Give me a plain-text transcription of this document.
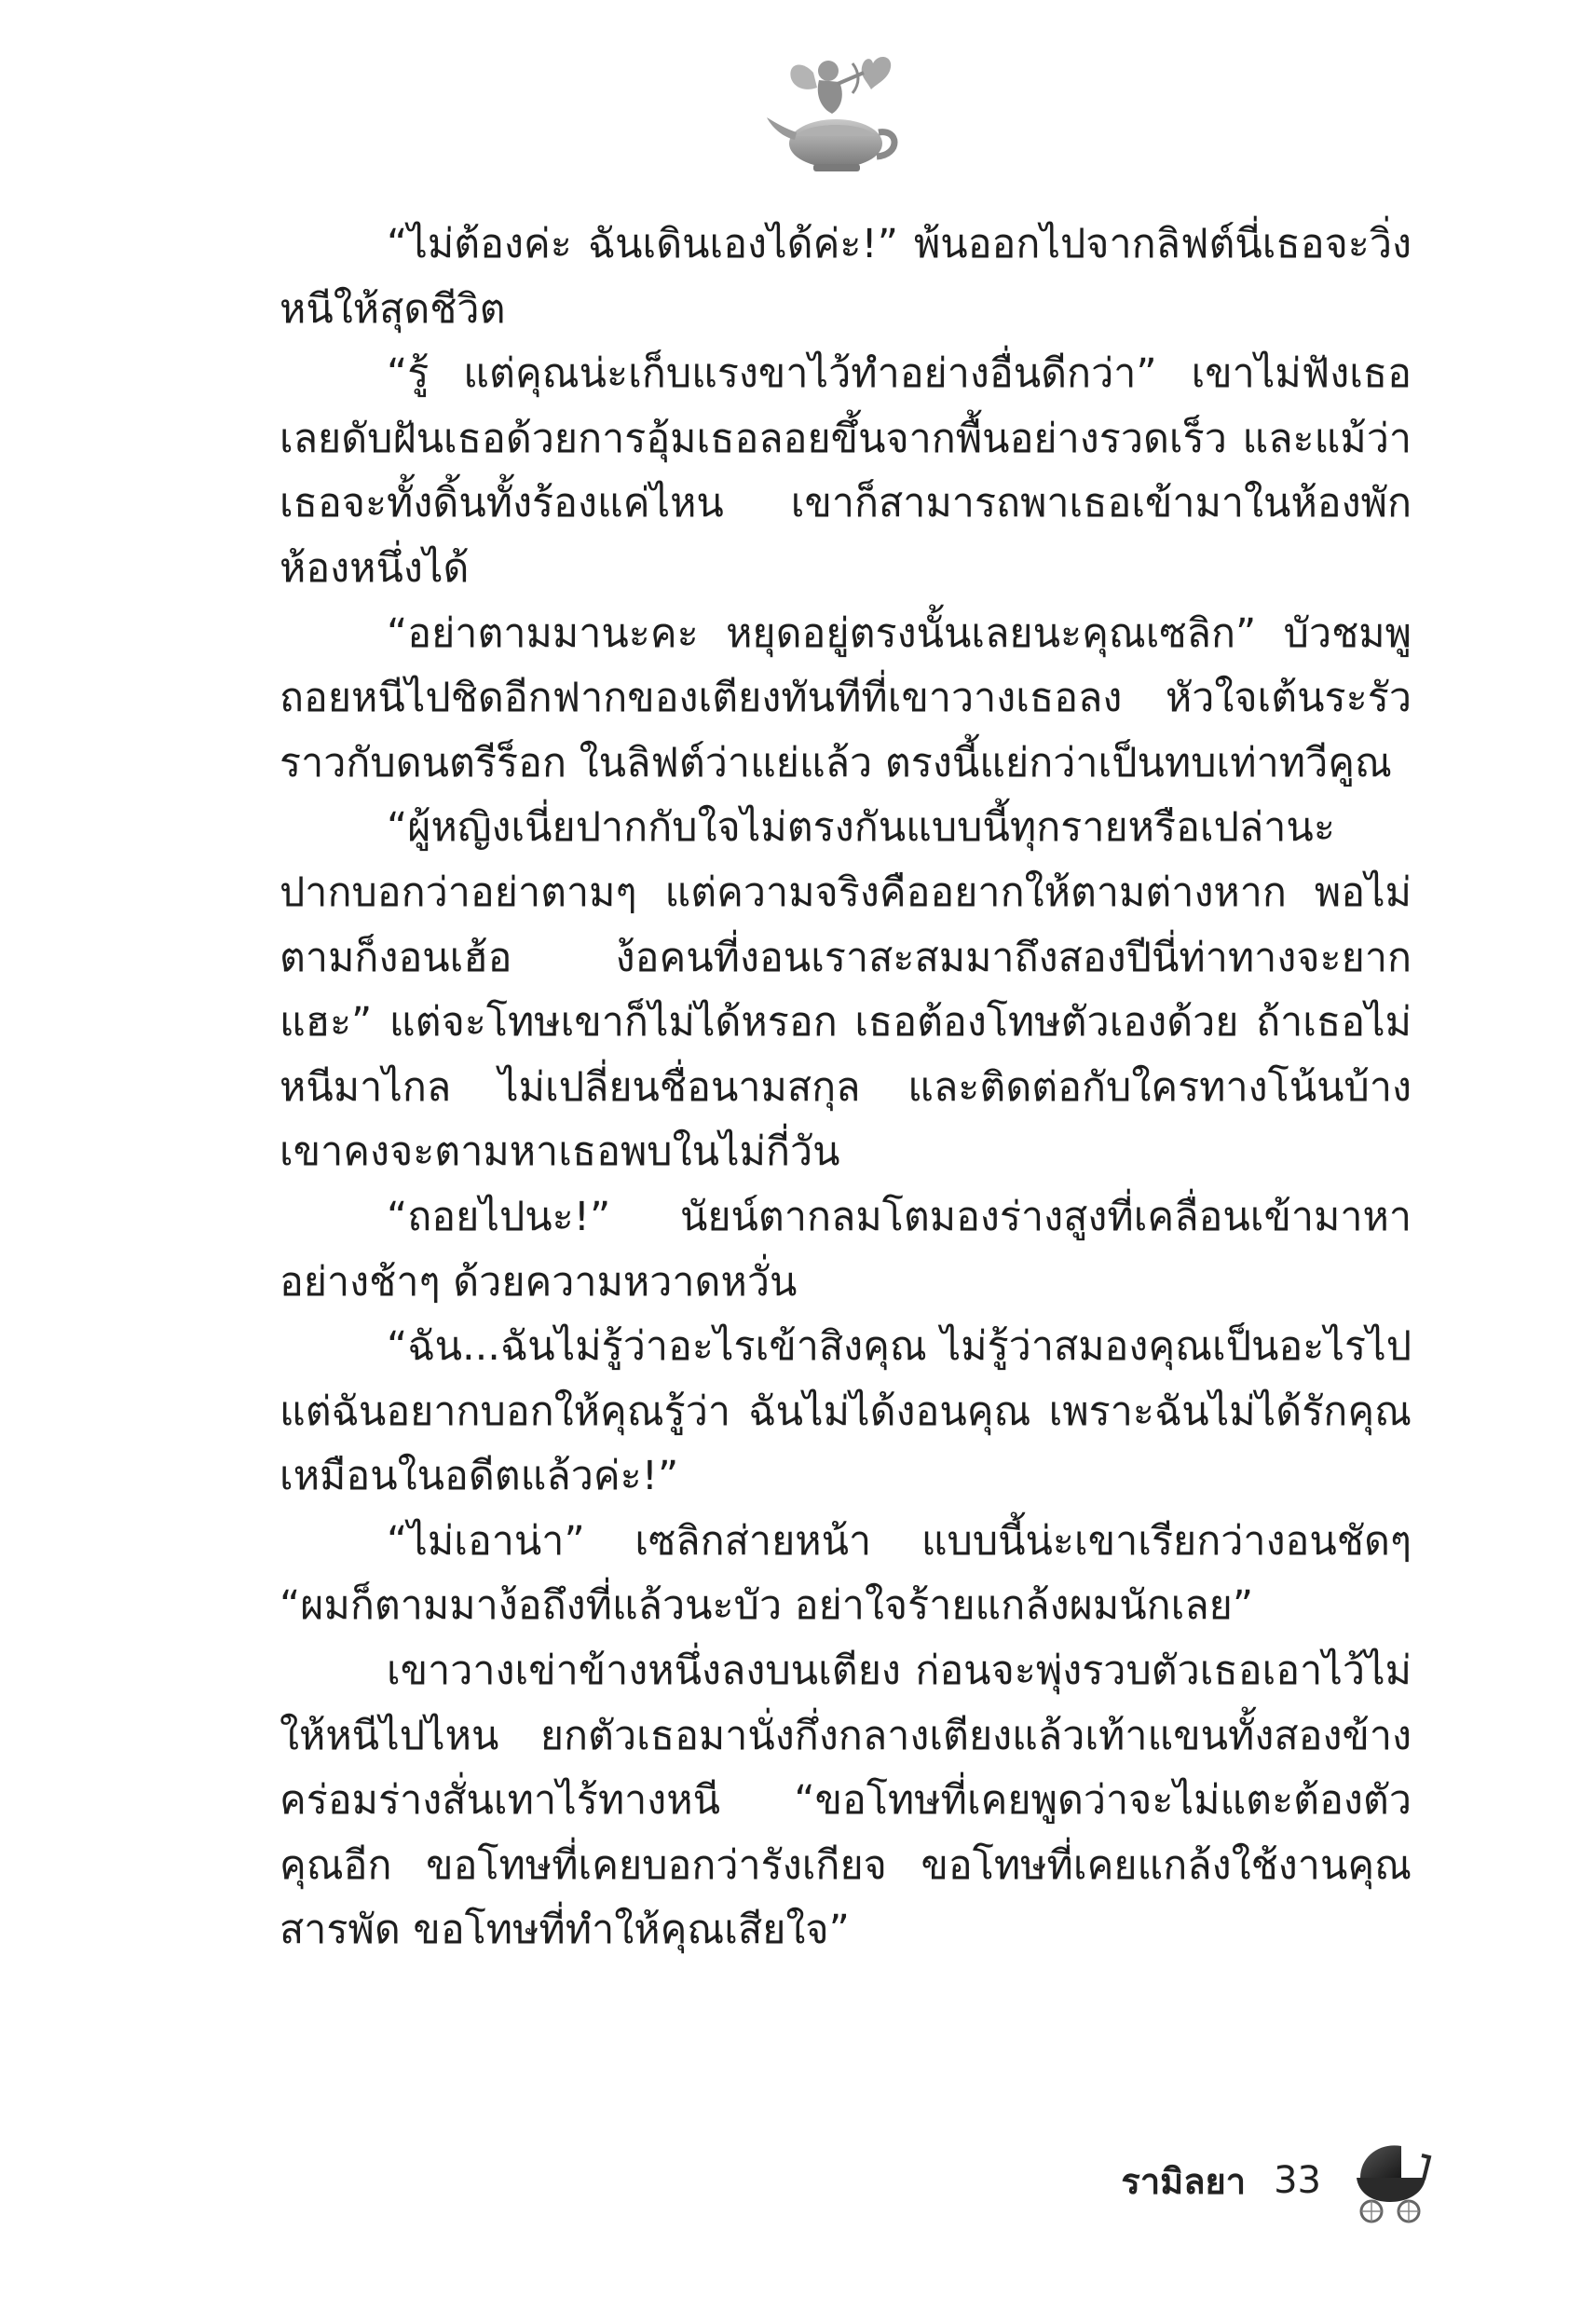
“ไม่ต้องค่ะ ฉันเดินเองได้ค่ะ!” พ้นออกไปจากลิฟต์นี่เธอจะวิ่งหนีให้สุดชีวิต

“รู้ แต่คุณน่ะเก็บแรงขาไว้ทำอย่างอื่นดีกว่า” เขาไม่ฟังเธอเลยดับฝันเธอด้วยการอุ้มเธอลอยขึ้นจากพื้นอย่างรวดเร็ว และแม้ว่าเธอจะทั้งดิ้นทั้งร้องแค่ไหน เขาก็สามารถพาเธอเข้ามาในห้องพักห้องหนึ่งได้

“อย่าตามมานะคะ หยุดอยู่ตรงนั้นเลยนะคุณเซลิก” บัวชมพูถอยหนีไปชิดอีกฟากของเตียงทันทีที่เขาวางเธอลง หัวใจเต้นระรัวราวกับดนตรีร็อก ในลิฟต์ว่าแย่แล้ว ตรงนี้แย่กว่าเป็นทบเท่าทวีคูณ

“ผู้หญิงเนี่ยปากกับใจไม่ตรงกันแบบนี้ทุกรายหรือเปล่านะ ปากบอกว่าอย่าตามๆ แต่ความจริงคืออยากให้ตามต่างหาก พอไม่ตามก็งอนเฮ้อ ง้อคนที่งอนเราสะสมมาถึงสองปีนี่ท่าทางจะยากแฮะ” แต่จะโทษเขาก็ไม่ได้หรอก เธอต้องโทษตัวเองด้วย ถ้าเธอไม่หนีมาไกล ไม่เปลี่ยนชื่อนามสกุล และติดต่อกับใครทางโน้นบ้าง เขาคงจะตามหาเธอพบในไม่กี่วัน

“ถอยไปนะ!” นัยน์ตากลมโตมองร่างสูงที่เคลื่อนเข้ามาหาอย่างช้าๆ ด้วยความหวาดหวั่น

“ฉัน...ฉันไม่รู้ว่าอะไรเข้าสิงคุณ ไม่รู้ว่าสมองคุณเป็นอะไรไป แต่ฉันอยากบอกให้คุณรู้ว่า ฉันไม่ได้งอนคุณ เพราะฉันไม่ได้รักคุณเหมือนในอดีตแล้วค่ะ!”

“ไม่เอาน่า” เซลิกส่ายหน้า แบบนี้น่ะเขาเรียกว่างอนชัดๆ “ผมก็ตามมาง้อถึงที่แล้วนะบัว อย่าใจร้ายแกล้งผมนักเลย”

เขาวางเข่าข้างหนึ่งลงบนเตียง ก่อนจะพุ่งรวบตัวเธอเอาไว้ไม่ให้หนีไปไหน ยกตัวเธอมานั่งกึ่งกลางเตียงแล้วเท้าแขนทั้งสองข้างคร่อมร่างสั่นเทาไร้ทางหนี “ขอโทษที่เคยพูดว่าจะไม่แตะต้องตัวคุณอีก ขอโทษที่เคยบอกว่ารังเกียจ ขอโทษที่เคยแกล้งใช้งานคุณสารพัด ขอโทษที่ทำให้คุณเสียใจ”

รามิลยา 33
